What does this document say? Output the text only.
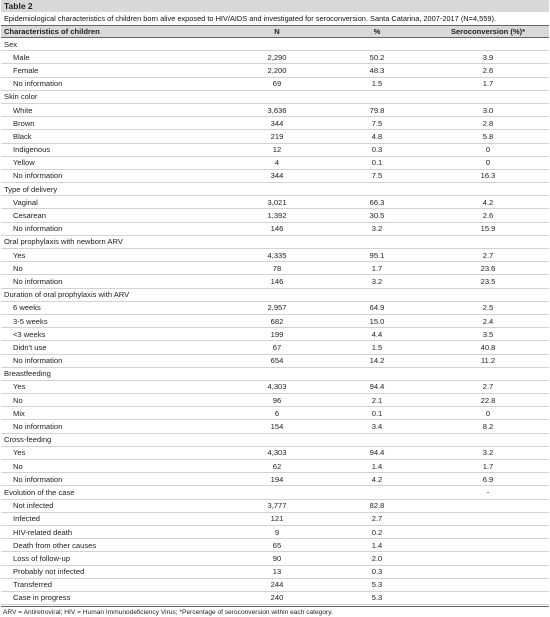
Table 2
Epidemiological characteristics of children born alive exposed to HIV/AIDS and investigated for seroconversion. Santa Catarina, 2007-2017 (N=4,559).
Characteristics of children	N	%	Seroconversion (%)*
Sex			
Male	2,290	50.2	3.9
Female	2,200	48.3	2.6
No information	69	1.5	1.7
Skin color			
White	3,636	79.8	3.0
Brown	344	7.5	2.8
Black	219	4.8	5.8
Indigenous	12	0.3	0
Yellow	4	0.1	0
No information	344	7.5	16.3
Type of delivery			
Vaginal	3,021	66.3	4.2
Cesarean	1,392	30.5	2.6
No information	146	3.2	15.9
Oral prophylaxis with newborn ARV			
Yes	4,335	95.1	2.7
No	78	1.7	23.6
No information	146	3.2	23.5
Duration of oral prophylaxis with ARV			
6 weeks	2,957	64.9	2.5
3-5 weeks	682	15.0	2.4
<3 weeks	199	4.4	3.5
Didn't use	67	1.5	40.8
No information	654	14.2	11.2
Breastfeeding			
Yes	4,303	94.4	2.7
No	96	2.1	22.8
Mix	6	0.1	0
No information	154	3.4	8.2
Cross-feeding			
Yes	4,303	94.4	3.2
No	62	1.4	1.7
No information	194	4.2	6.9
Evolution of the case			-
Not infected	3,777	82.8	
Infected	121	2.7	
HIV-related death	9	0.2	
Death from other causes	65	1.4	
Loss of follow-up	90	2.0	
Probably not infected	13	0.3	
Transferred	244	5.3	
Case in progress	240	5.3	
ARV = Antiretroviral; HIV = Human Immunodeficiency Virus; *Percentage of seroconversion within each category.
